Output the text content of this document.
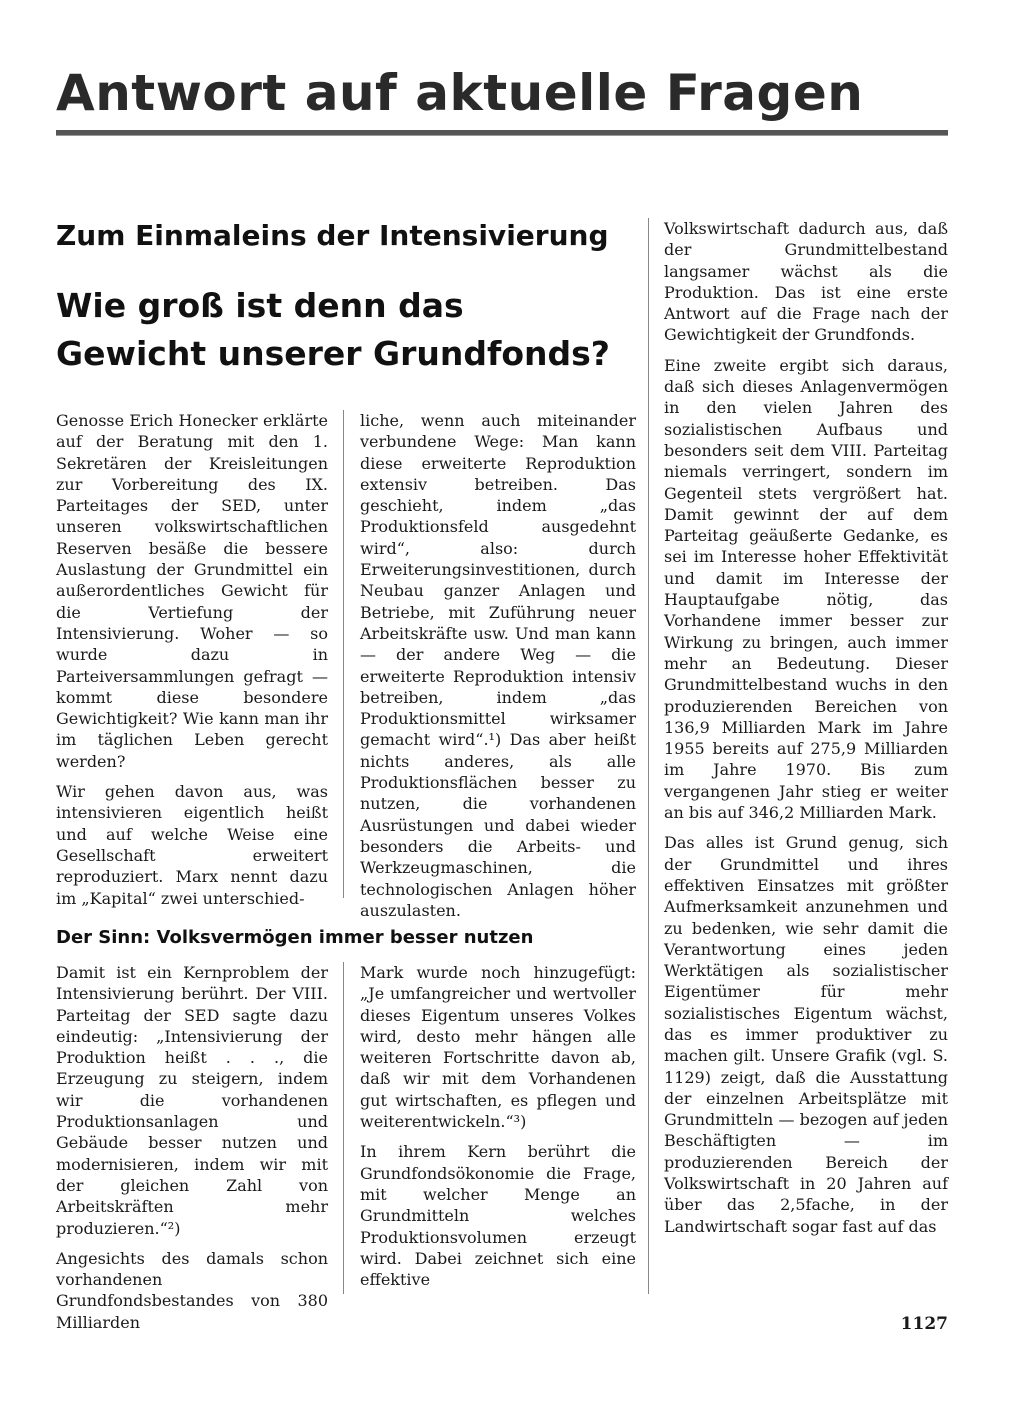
Antwort auf aktuelle Fragen
Zum Einmaleins der Intensivierung
Wie groß ist denn das
Gewicht unserer Grundfonds?

Genosse Erich Honecker erklärte auf der Beratung mit den 1. Sekretären der Kreisleitungen zur Vorbereitung des IX. Parteitages der SED, unter unseren volkswirtschaftlichen Reserven besäße die bessere Auslastung der Grundmittel ein außerordentliches Gewicht für die Vertiefung der Intensivierung. Woher — so wurde dazu in Parteiversammlungen gefragt — kommt diese besondere Gewichtigkeit? Wie kann man ihr im täglichen Leben gerecht werden?

Wir gehen davon aus, was intensivieren eigentlich heißt und auf welche Weise eine Gesellschaft erweitert reproduziert. Marx nennt dazu im „Kapital“ zwei unterschied-

liche, wenn auch miteinander verbundene Wege: Man kann diese erweiterte Reproduktion extensiv betreiben. Das geschieht, indem „das Produktionsfeld ausgedehnt wird“, also: durch Erweiterungsinvestitionen, durch Neubau ganzer Anlagen und Betriebe, mit Zuführung neuer Arbeitskräfte usw. Und man kann — der andere Weg — die erweiterte Reproduktion intensiv betreiben, indem „das Produktionsmittel wirksamer gemacht wird“.¹) Das aber heißt nichts anderes, als alle Produktionsflächen besser zu nutzen, die vorhandenen Ausrüstungen und dabei wieder besonders die Arbeits- und Werkzeugmaschinen, die technologischen Anlagen höher auszulasten.

Der Sinn: Volksvermögen immer besser nutzen

Damit ist ein Kernproblem der Intensivierung berührt. Der VIII. Parteitag der SED sagte dazu eindeutig: „Intensivierung der Produktion heißt . . ., die Erzeugung zu steigern, indem wir die vorhandenen Produktionsanlagen und Gebäude besser nutzen und modernisieren, indem wir mit der gleichen Zahl von Arbeitskräften mehr produzieren.“²)

Angesichts des damals schon vorhandenen Grundfondsbestandes von 380 Milliarden

Mark wurde noch hinzugefügt: „Je umfangreicher und wertvoller dieses Eigentum unseres Volkes wird, desto mehr hängen alle weiteren Fortschritte davon ab, daß wir mit dem Vorhandenen gut wirtschaften, es pflegen und weiterentwickeln.“³)

In ihrem Kern berührt die Grundfondsökonomie die Frage, mit welcher Menge an Grundmitteln welches Produktionsvolumen erzeugt wird. Dabei zeichnet sich eine effektive

Volkswirtschaft dadurch aus, daß der Grundmittelbestand langsamer wächst als die Produktion. Das ist eine erste Antwort auf die Frage nach der Gewichtigkeit der Grundfonds.

Eine zweite ergibt sich daraus, daß sich dieses Anlagenvermögen in den vielen Jahren des sozialistischen Aufbaus und besonders seit dem VIII. Parteitag niemals verringert, sondern im Gegenteil stets vergrößert hat. Damit gewinnt der auf dem Parteitag geäußerte Gedanke, es sei im Interesse hoher Effektivität und damit im Interesse der Hauptaufgabe nötig, das Vorhandene immer besser zur Wirkung zu bringen, auch immer mehr an Bedeutung. Dieser Grundmittelbestand wuchs in den produzierenden Bereichen von 136,9 Milliarden Mark im Jahre 1955 bereits auf 275,9 Milliarden im Jahre 1970. Bis zum vergangenen Jahr stieg er weiter an bis auf 346,2 Milliarden Mark.

Das alles ist Grund genug, sich der Grundmittel und ihres effektiven Einsatzes mit größter Aufmerksamkeit anzunehmen und zu bedenken, wie sehr damit die Verantwortung eines jeden Werktätigen als sozialistischer Eigentümer für mehr sozialistisches Eigentum wächst, das es immer produktiver zu machen gilt. Unsere Grafik (vgl. S. 1129) zeigt, daß die Ausstattung der einzelnen Arbeitsplätze mit Grundmitteln — bezogen auf jeden Beschäftigten — im produzierenden Bereich der Volkswirtschaft in 20 Jahren auf über das 2,5fache, in der Landwirtschaft sogar fast auf das

1127
